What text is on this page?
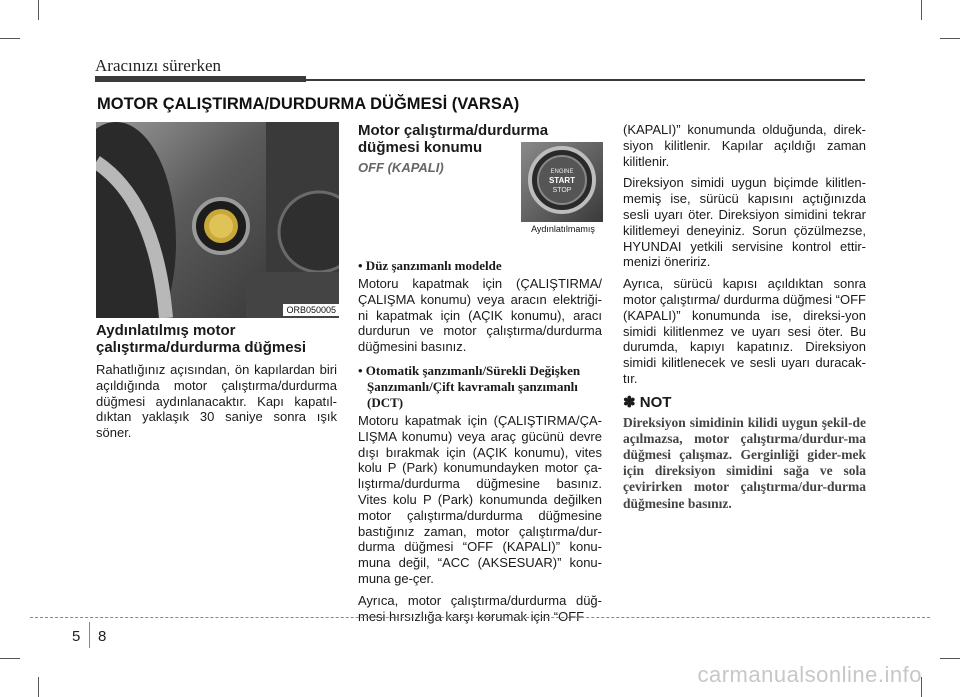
Aracınızı sürerken
MOTOR ÇALIŞTIRMA/DURDURMA DÜĞMESİ (VARSA)
ORB050005
Aydınlatılmış motor
çalıştırma/durdurma düğmesi

Rahatlığınız açısından, ön kapılardan biri açıldığında motor çalıştırma/durdurma düğmesi aydınlanacaktır. Kapı kapatıl-dıktan yaklaşık 30 saniye sonra ışık söner.

Motor çalıştırma/durdurma
düğmesi konumu
OFF (KAPALI)	ENGINE
START
STOP
Aydınlatılmamış
• Düz şanzımanlı modelde

Motoru kapatmak için (ÇALIŞTIRMA/ ÇALIŞMA konumu) veya aracın elektriği-ni kapatmak için (AÇIK konumu), aracı durdurun ve motor çalıştırma/durdurma düğmesini basınız.

• Otomatik şanzımanlı/Sürekli Değişken
Şanzımanlı/Çift kavramalı şanzımanlı
(DCT)

Motoru kapatmak için (ÇALIŞTIRMA/ÇA-LIŞMA konumu) veya araç gücünü devre dışı bırakmak için (AÇIK konumu), vites kolu P (Park) konumundayken motor ça-lıştırma/durdurma düğmesine basınız. Vites kolu P (Park) konumunda değilken motor çalıştırma/durdurma düğmesine bastığınız zaman, motor çalıştırma/dur-durma düğmesi “OFF (KAPALI)” konu-muna değil, “ACC (AKSESUAR)” konu-muna ge-çer.

Ayrıca, motor çalıştırma/durdurma düğ-mesi hırsızlığa karşı korumak için “OFF

(KAPALI)” konumunda olduğunda, direk-siyon kilitlenir. Kapılar açıldığı zaman kilitlenir.

Direksiyon simidi uygun biçimde kilitlen-memiş ise, sürücü kapısını açtığınızda sesli uyarı öter. Direksiyon simidini tekrar kilitlemeyi deneyiniz. Sorun çözülmezse, HYUNDAI yetkili servisine kontrol ettir-menizi öneririz.

Ayrıca, sürücü kapısı açıldıktan sonra motor çalıştırma/ durdurma düğmesi “OFF (KAPALI)” konumunda ise, direksi-yon simidi kilitlenmez ve uyarı sesi öter. Bu durumda, kapıyı kapatınız. Direksiyon simidi kilitlenecek ve sesli uyarı duracak-tır.

✽ NOT

Direksiyon simidinin kilidi uygun şekil-de açılmazsa, motor çalıştırma/durdur-ma düğmesi çalışmaz. Gerginliği gider-mek için direksiyon simidini sağa ve sola çevirirken motor çalıştırma/dur-durma düğmesine basınız.

5 8
carmanualsonline.info
